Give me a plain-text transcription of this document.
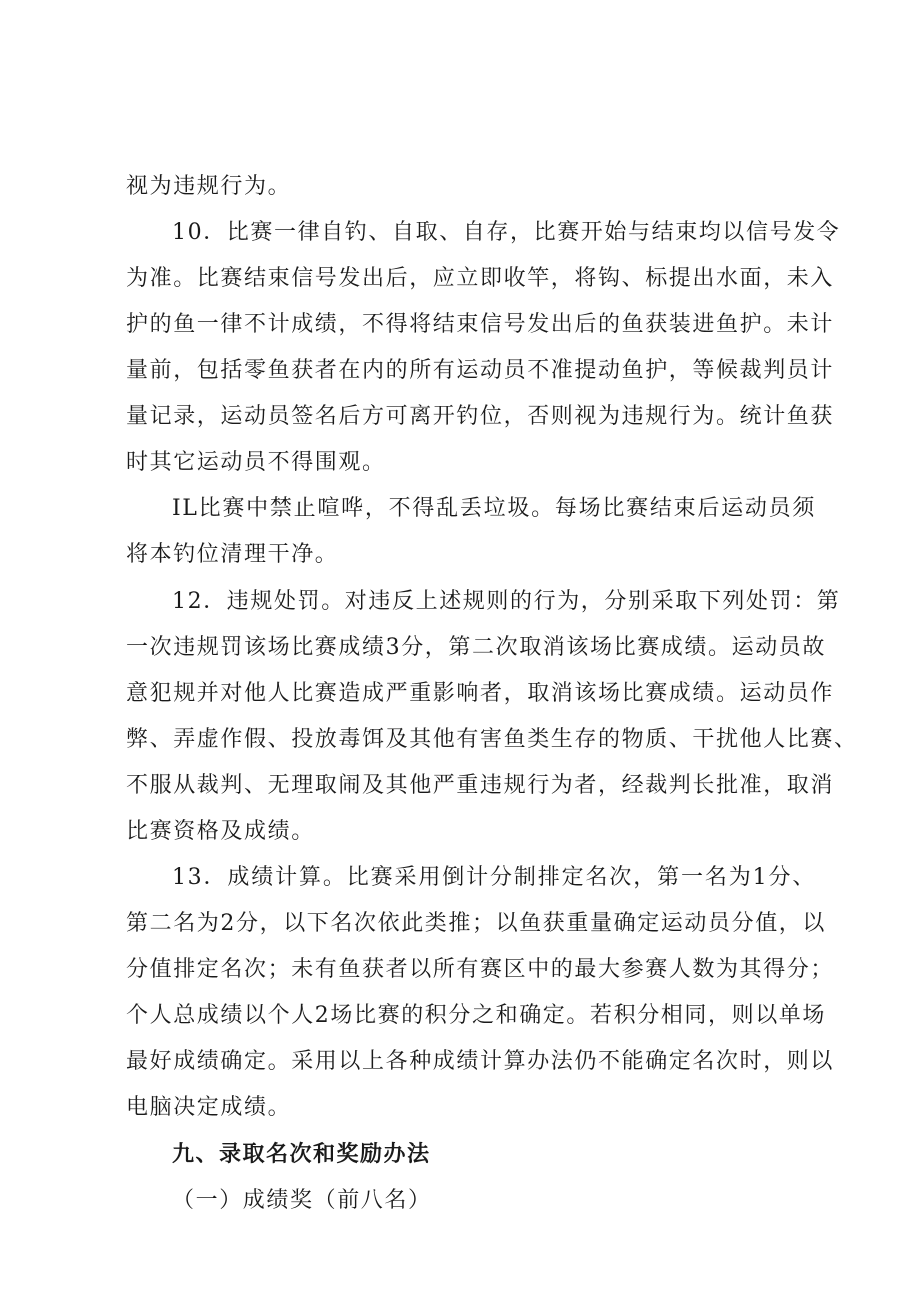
视为违规行为。
10．比赛一律自钓、自取、自存，比赛开始与结束均以信号发令
为准。比赛结束信号发出后，应立即收竿，将钩、标提出水面，未入
护的鱼一律不计成绩，不得将结束信号发出后的鱼获装进鱼护。未计
量前，包括零鱼获者在内的所有运动员不准提动鱼护，等候裁判员计
量记录，运动员签名后方可离开钓位，否则视为违规行为。统计鱼获
时其它运动员不得围观。
IL比赛中禁止喧哗，不得乱丢垃圾。每场比赛结束后运动员须
将本钓位清理干净。
12．违规处罚。对违反上述规则的行为，分别采取下列处罚：第
一次违规罚该场比赛成绩3分，第二次取消该场比赛成绩。运动员故
意犯规并对他人比赛造成严重影响者，取消该场比赛成绩。运动员作
弊、弄虚作假、投放毒饵及其他有害鱼类生存的物质、干扰他人比赛、
不服从裁判、无理取闹及其他严重违规行为者，经裁判长批准，取消
比赛资格及成绩。
13．成绩计算。比赛采用倒计分制排定名次，第一名为1分、
第二名为2分，以下名次依此类推；以鱼获重量确定运动员分值，以
分值排定名次；未有鱼获者以所有赛区中的最大参赛人数为其得分；
个人总成绩以个人2场比赛的积分之和确定。若积分相同，则以单场
最好成绩确定。采用以上各种成绩计算办法仍不能确定名次时，则以
电脑决定成绩。
九、录取名次和奖励办法
（一）成绩奖（前八名）
